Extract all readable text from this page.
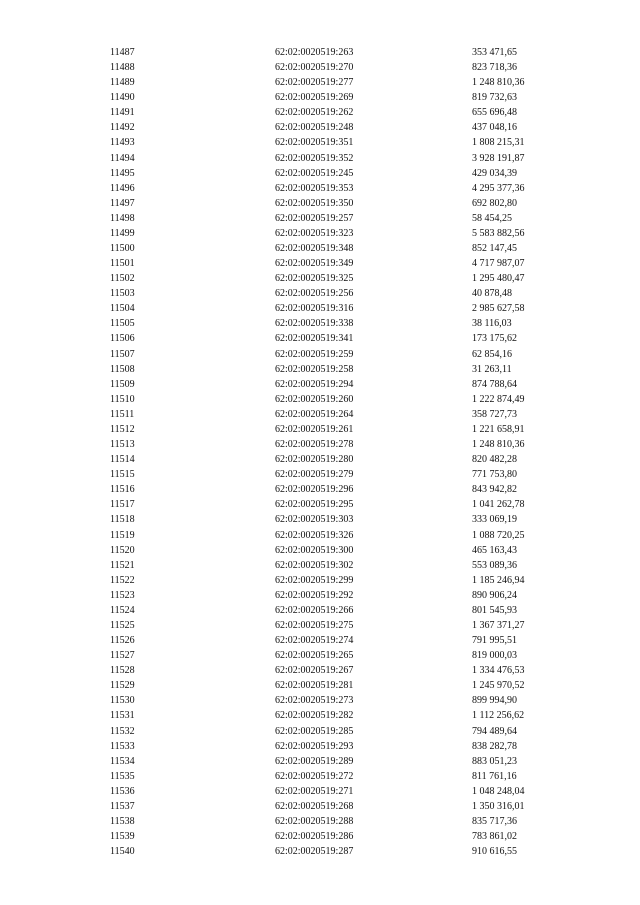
11487	62:02:0020519:263	353 471,65
11488	62:02:0020519:270	823 718,36
11489	62:02:0020519:277	1 248 810,36
11490	62:02:0020519:269	819 732,63
11491	62:02:0020519:262	655 696,48
11492	62:02:0020519:248	437 048,16
11493	62:02:0020519:351	1 808 215,31
11494	62:02:0020519:352	3 928 191,87
11495	62:02:0020519:245	429 034,39
11496	62:02:0020519:353	4 295 377,36
11497	62:02:0020519:350	692 802,80
11498	62:02:0020519:257	58 454,25
11499	62:02:0020519:323	5 583 882,56
11500	62:02:0020519:348	852 147,45
11501	62:02:0020519:349	4 717 987,07
11502	62:02:0020519:325	1 295 480,47
11503	62:02:0020519:256	40 878,48
11504	62:02:0020519:316	2 985 627,58
11505	62:02:0020519:338	38 116,03
11506	62:02:0020519:341	173 175,62
11507	62:02:0020519:259	62 854,16
11508	62:02:0020519:258	31 263,11
11509	62:02:0020519:294	874 788,64
11510	62:02:0020519:260	1 222 874,49
11511	62:02:0020519:264	358 727,73
11512	62:02:0020519:261	1 221 658,91
11513	62:02:0020519:278	1 248 810,36
11514	62:02:0020519:280	820 482,28
11515	62:02:0020519:279	771 753,80
11516	62:02:0020519:296	843 942,82
11517	62:02:0020519:295	1 041 262,78
11518	62:02:0020519:303	333 069,19
11519	62:02:0020519:326	1 088 720,25
11520	62:02:0020519:300	465 163,43
11521	62:02:0020519:302	553 089,36
11522	62:02:0020519:299	1 185 246,94
11523	62:02:0020519:292	890 906,24
11524	62:02:0020519:266	801 545,93
11525	62:02:0020519:275	1 367 371,27
11526	62:02:0020519:274	791 995,51
11527	62:02:0020519:265	819 000,03
11528	62:02:0020519:267	1 334 476,53
11529	62:02:0020519:281	1 245 970,52
11530	62:02:0020519:273	899 994,90
11531	62:02:0020519:282	1 112 256,62
11532	62:02:0020519:285	794 489,64
11533	62:02:0020519:293	838 282,78
11534	62:02:0020519:289	883 051,23
11535	62:02:0020519:272	811 761,16
11536	62:02:0020519:271	1 048 248,04
11537	62:02:0020519:268	1 350 316,01
11538	62:02:0020519:288	835 717,36
11539	62:02:0020519:286	783 861,02
11540	62:02:0020519:287	910 616,55
